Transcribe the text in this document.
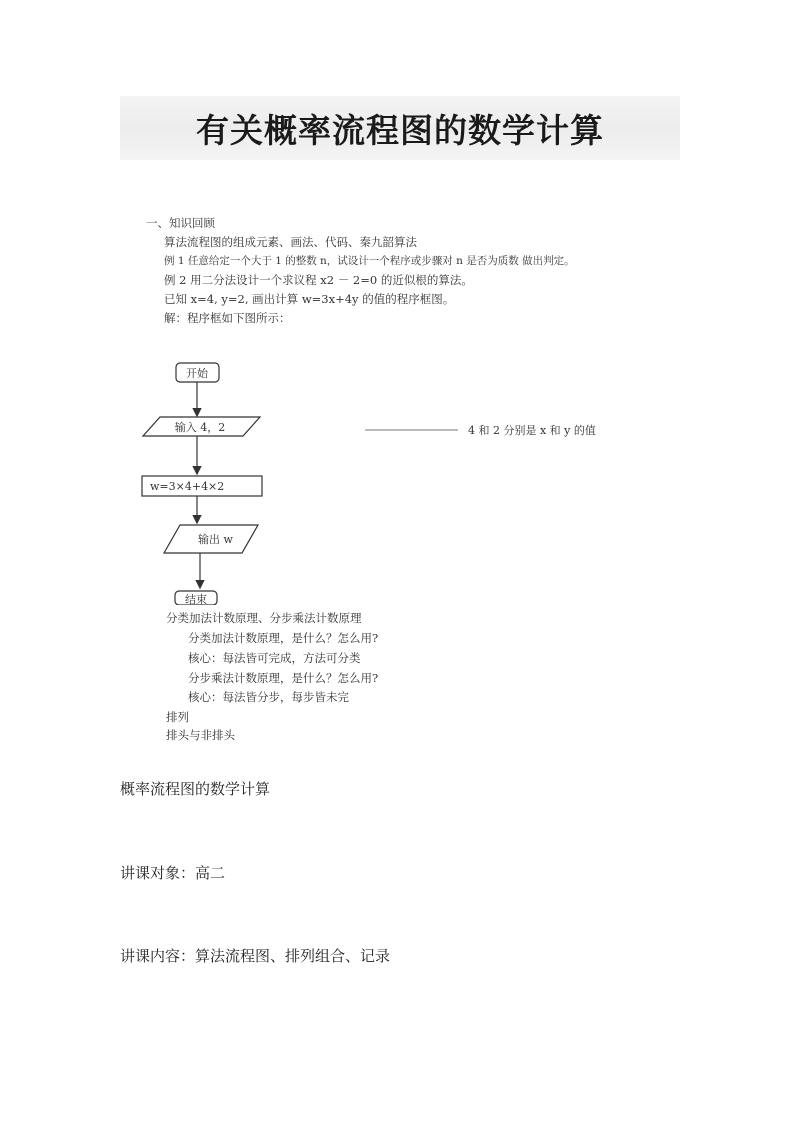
有关概率流程图的数学计算
一、知识回顾
算法流程图的组成元素、画法、代码、秦九韶算法
例 1 任意给定一个大于 1 的整数 n，试设计一个程序或步骤对 n 是否为质数 做出判定。
例 2 用二分法设计一个求议程 x2 － 2=0 的近似根的算法。
已知 x=4, y=2, 画出计算 w=3x+4y 的值的程序框图。
解：程序框如下图所示：
开始
输入 4，2	4 和 2 分别是 x 和 y 的值
w=3×4+4×2
输出 w
结束
分类加法计数原理、分步乘法计数原理
分类加法计数原理，是什么？怎么用?
核心：每法皆可完成，方法可分类
分步乘法计数原理，是什么？怎么用?
核心：每法皆分步，每步皆未完
排列
排头与非排头
概率流程图的数学计算
讲课对象：高二
讲课内容：算法流程图、排列组合、记录
